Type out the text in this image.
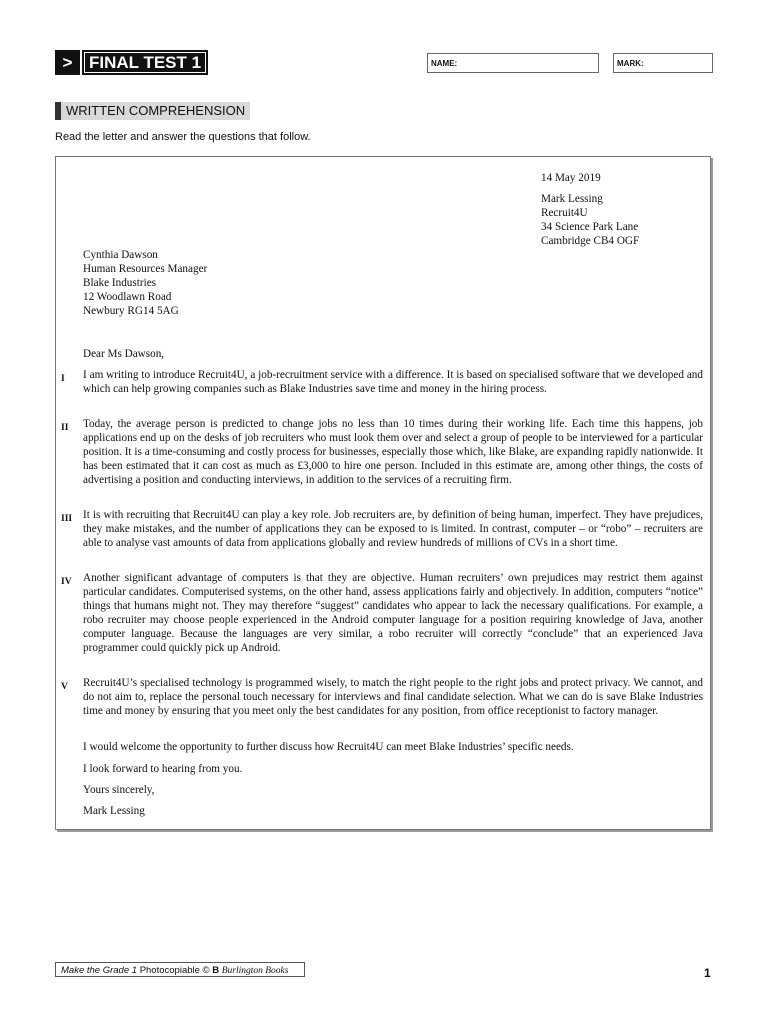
> FINAL TEST 1	NAME:	MARK:
WRITTEN COMPREHENSION
Read the letter and answer the questions that follow.
14 May 2019
Mark Lessing
Recruit4U
34 Science Park Lane
Cambridge CB4 OGF
Cynthia Dawson
Human Resources Manager
Blake Industries
12 Woodlawn Road
Newbury RG14 5AG
Dear Ms Dawson,
I I am writing to introduce Recruit4U, a job-recruitment service with a difference. It is based on specialised software that we developed and which can help growing companies such as Blake Industries save time and money in the hiring process.
II Today, the average person is predicted to change jobs no less than 10 times during their working life. Each time this happens, job applications end up on the desks of job recruiters who must look them over and select a group of people to be interviewed for a particular position. It is a time-consuming and costly process for businesses, especially those which, like Blake, are expanding rapidly nationwide. It has been estimated that it can cost as much as £3,000 to hire one person. Included in this estimate are, among other things, the costs of advertising a position and conducting interviews, in addition to the services of a recruiting firm.
III It is with recruiting that Recruit4U can play a key role. Job recruiters are, by definition of being human, imperfect. They have prejudices, they make mistakes, and the number of applications they can be exposed to is limited. In contrast, computer – or “robo” – recruiters are able to analyse vast amounts of data from applications globally and review hundreds of millions of CVs in a short time.
IV Another significant advantage of computers is that they are objective. Human recruiters’ own prejudices may restrict them against particular candidates. Computerised systems, on the other hand, assess applications fairly and objectively. In addition, computers “notice” things that humans might not. They may therefore “suggest” candidates who appear to lack the necessary qualifications. For example, a robo recruiter may choose people experienced in the Android computer language for a position requiring knowledge of Java, another computer language. Because the languages are very similar, a robo recruiter will correctly “conclude” that an experienced Java programmer could quickly pick up Android.
V Recruit4U’s specialised technology is programmed wisely, to match the right people to the right jobs and protect privacy. We cannot, and do not aim to, replace the personal touch necessary for interviews and final candidate selection. What we can do is save Blake Industries time and money by ensuring that you meet only the best candidates for any position, from office receptionist to factory manager.
I would welcome the opportunity to further discuss how Recruit4U can meet Blake Industries’ specific needs.
I look forward to hearing from you.
Yours sincerely,
Mark Lessing
Make the Grade 1 Photocopiable © B Burlington Books	1
